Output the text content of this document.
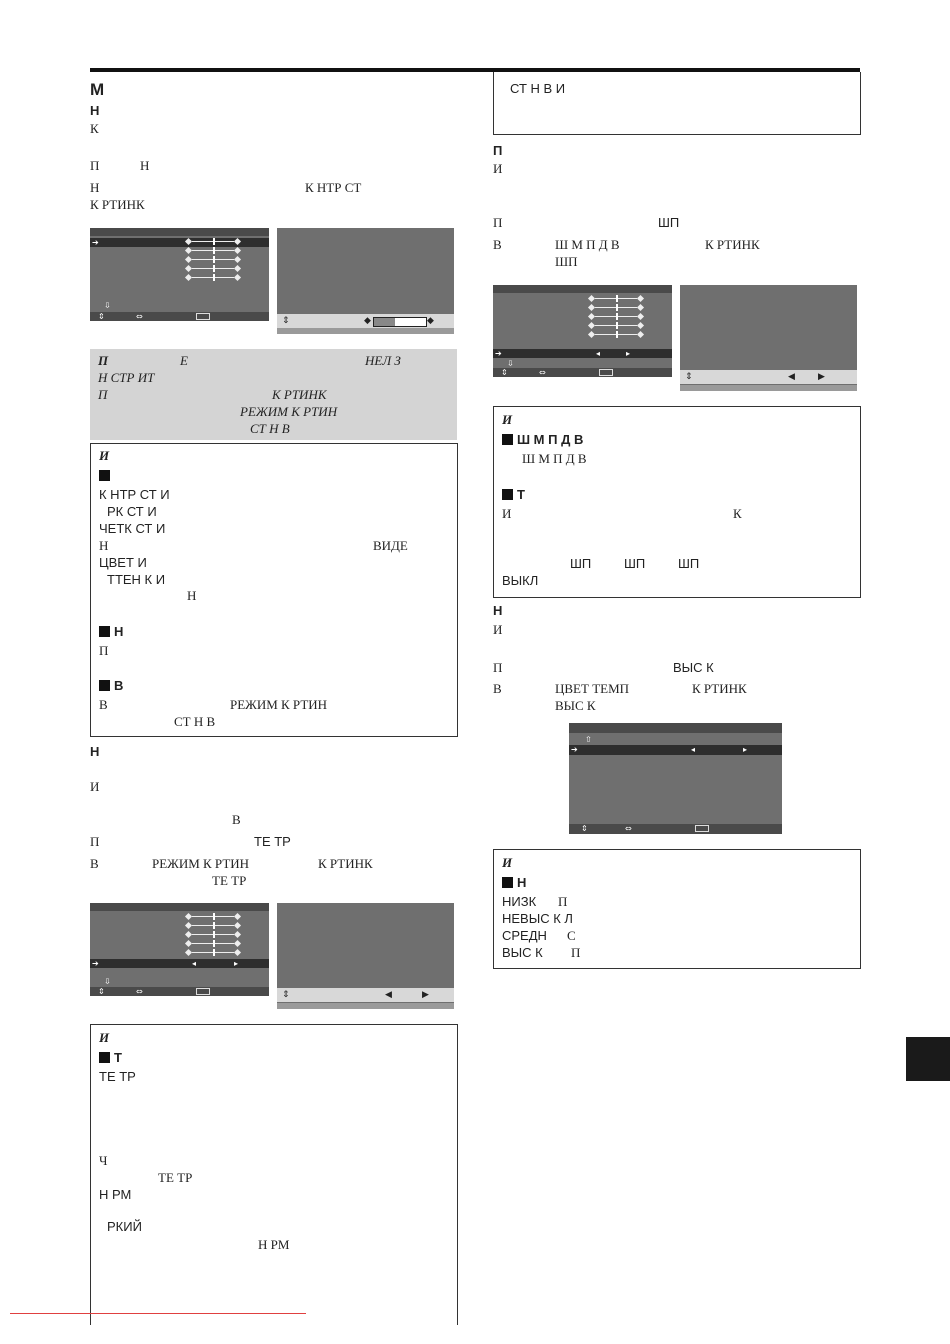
➔
⇩
⇕	⇔	⇕	◆	◆
➔	◂	▸
⇩
⇕	⇔	⇕	◀	▶
⇧
➔	◂	▸
⇕	⇔
➔	◂	▸
⇩
⇕	⇔	⇕	◀	▶
М
Н
К
П	Н
Н	К НТР СТ
К РТИНК
Н
И
В
П	ТЕ ТР
В	РЕЖИМ К РТИН	К РТИНК
ТЕ ТР
П
И
П	ШП
В	Ш М П Д В	К РТИНК
ШП
Н
И
П	ВЫС К
В	ЦВЕТ ТЕМП	К РТИНК
ВЫС К
П	Е	НЕЛ З
Н СТР ИТ
П	К РТИНК
РЕЖИМ К РТИН
СТ Н В
И
К НТР СТ И
РК СТ И
ЧЕТК СТ И
Н	ВИДЕ
ЦВЕТ И
ТТЕН К И
Н
П
В	РЕЖИМ К РТИН
СТ Н В
Н
В
СТ Н В И
И
Ш М П Д В
И	К
ШП	ШП	ШП
ВЫКЛ
Ш М П Д В
Т
И
НИЗК П
НЕВЫС К Л
СРЕДН С
ВЫС К П
Н
И
ТЕ ТР
Ч
ТЕ ТР
Н РМ
РКИЙ
Н РМ
Т
